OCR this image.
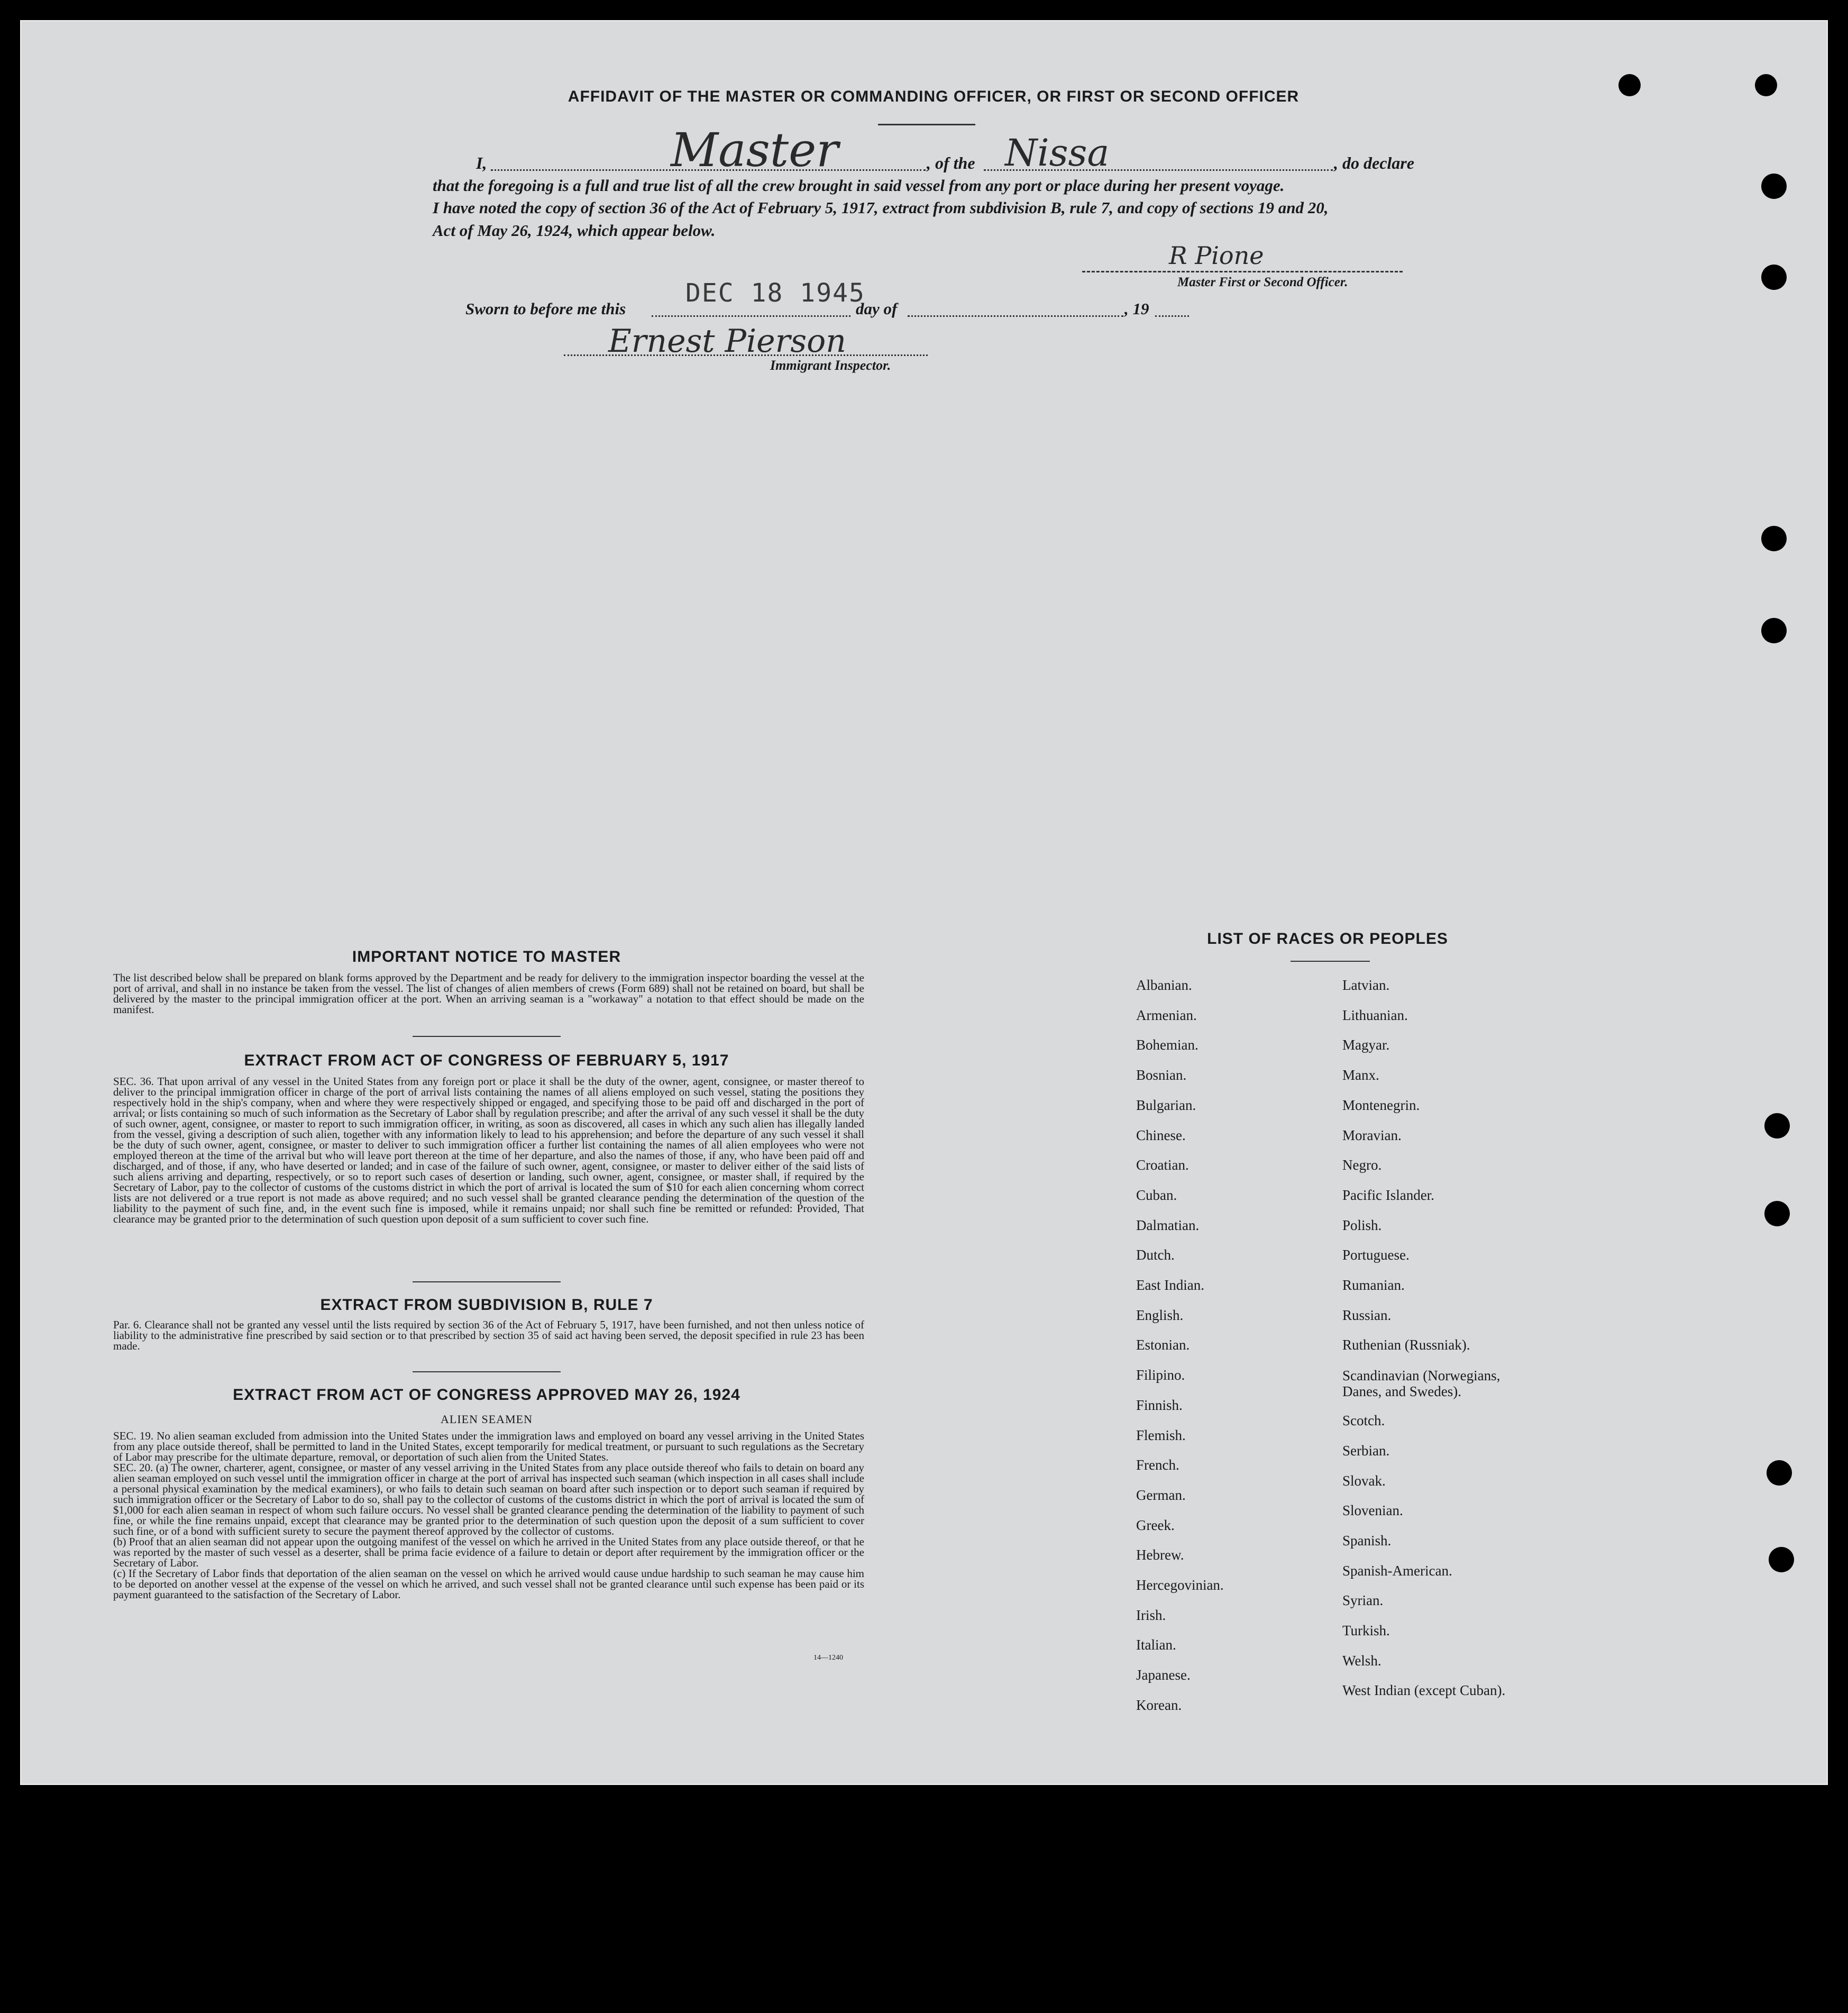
AFFIDAVIT OF THE MASTER OR COMMANDING OFFICER, OR FIRST OR SECOND OFFICER
I,	Master	, of the Nissa	, do declare
that the foregoing is a full and true list of all the crew brought in said vessel from any port or place during her present voyage.
I have noted the copy of section 36 of the Act of February 5, 1917, extract from subdivision B, rule 7, and copy of sections 19 and 20,
Act of May 26, 1924, which appear below.
R Pione
Master First or Second Officer.
Sworn to before me this
DEC 18 1945
day of	, 19
Ernest Pierson
Immigrant Inspector.
IMPORTANT NOTICE TO MASTER
The list described below shall be prepared on blank forms approved by the Department and be ready for delivery to the immigration inspector boarding the vessel at the port of arrival, and shall in no instance be taken from the vessel. The list of changes of alien members of crews (Form 689) shall not be retained on board, but shall be delivered by the master to the principal immigration officer at the port. When an arriving seaman is a "workaway" a notation to that effect should be made on the manifest.
EXTRACT FROM ACT OF CONGRESS OF FEBRUARY 5, 1917
SEC. 36. That upon arrival of any vessel in the United States from any foreign port or place it shall be the duty of the owner, agent, consignee, or master thereof to deliver to the principal immigration officer in charge of the port of arrival lists containing the names of all aliens employed on such vessel, stating the positions they respectively hold in the ship's company, when and where they were respectively shipped or engaged, and specifying those to be paid off and discharged in the port of arrival; or lists containing so much of such information as the Secretary of Labor shall by regulation prescribe; and after the arrival of any such vessel it shall be the duty of such owner, agent, consignee, or master to report to such immigration officer, in writing, as soon as discovered, all cases in which any such alien has illegally landed from the vessel, giving a description of such alien, together with any information likely to lead to his apprehension; and before the departure of any such vessel it shall be the duty of such owner, agent, consignee, or master to deliver to such immigration officer a further list containing the names of all alien employees who were not employed thereon at the time of the arrival but who will leave port thereon at the time of her departure, and also the names of those, if any, who have been paid off and discharged, and of those, if any, who have deserted or landed; and in case of the failure of such owner, agent, consignee, or master to deliver either of the said lists of such aliens arriving and departing, respectively, or so to report such cases of desertion or landing, such owner, agent, consignee, or master shall, if required by the Secretary of Labor, pay to the collector of customs of the customs district in which the port of arrival is located the sum of $10 for each alien concerning whom correct lists are not delivered or a true report is not made as above required; and no such vessel shall be granted clearance pending the determination of the question of the liability to the payment of such fine, and, in the event such fine is imposed, while it remains unpaid; nor shall such fine be remitted or refunded: Provided, That clearance may be granted prior to the determination of such question upon deposit of a sum sufficient to cover such fine.
EXTRACT FROM SUBDIVISION B, RULE 7
Par. 6. Clearance shall not be granted any vessel until the lists required by section 36 of the Act of February 5, 1917, have been furnished, and not then unless notice of liability to the administrative fine prescribed by said section or to that prescribed by section 35 of said act having been served, the deposit specified in rule 23 has been made.
EXTRACT FROM ACT OF CONGRESS APPROVED MAY 26, 1924
ALIEN SEAMEN
SEC. 19. No alien seaman excluded from admission into the United States under the immigration laws and employed on board any vessel arriving in the United States from any place outside thereof, shall be permitted to land in the United States, except temporarily for medical treatment, or pursuant to such regulations as the Secretary of Labor may prescribe for the ultimate departure, removal, or deportation of such alien from the United States.
SEC. 20. (a) The owner, charterer, agent, consignee, or master of any vessel arriving in the United States from any place outside thereof who fails to detain on board any alien seaman employed on such vessel until the immigration officer in charge at the port of arrival has inspected such seaman (which inspection in all cases shall include a personal physical examination by the medical examiners), or who fails to detain such seaman on board after such inspection or to deport such seaman if required by such immigration officer or the Secretary of Labor to do so, shall pay to the collector of customs of the customs district in which the port of arrival is located the sum of $1,000 for each alien seaman in respect of whom such failure occurs. No vessel shall be granted clearance pending the determination of the liability to payment of such fine, or while the fine remains unpaid, except that clearance may be granted prior to the determination of such question upon the deposit of a sum sufficient to cover such fine, or of a bond with sufficient surety to secure the payment thereof approved by the collector of customs.
(b) Proof that an alien seaman did not appear upon the outgoing manifest of the vessel on which he arrived in the United States from any place outside thereof, or that he was reported by the master of such vessel as a deserter, shall be prima facie evidence of a failure to detain or deport after requirement by the immigration officer or the Secretary of Labor.
(c) If the Secretary of Labor finds that deportation of the alien seaman on the vessel on which he arrived would cause undue hardship to such seaman he may cause him to be deported on another vessel at the expense of the vessel on which he arrived, and such vessel shall not be granted clearance until such expense has been paid or its payment guaranteed to the satisfaction of the Secretary of Labor.
14—1240
LIST OF RACES OR PEOPLES
Albanian.
Armenian.
Bohemian.
Bosnian.
Bulgarian.
Chinese.
Croatian.
Cuban.
Dalmatian.
Dutch.
East Indian.
English.
Estonian.
Filipino.
Finnish.
Flemish.
French.
German.
Greek.
Hebrew.
Hercegovinian.
Irish.
Italian.
Japanese.
Korean.
Latvian.
Lithuanian.
Magyar.
Manx.
Montenegrin.
Moravian.
Negro.
Pacific Islander.
Polish.
Portuguese.
Rumanian.
Russian.
Ruthenian (Russniak).
Scandinavian (Norwegians,
Danes, and Swedes).
Scotch.
Serbian.
Slovak.
Slovenian.
Spanish.
Spanish-American.
Syrian.
Turkish.
Welsh.
West Indian (except Cuban).
